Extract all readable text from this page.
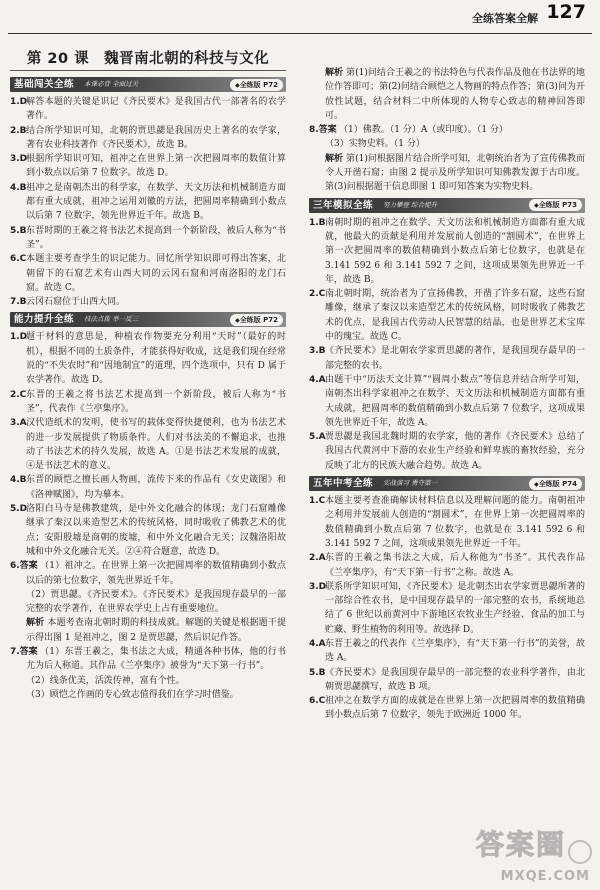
全练答案全解 127
第 20 课　魏晋南北朝的科技与文化
基础闯关全练 本课必背 全面过关	◆ 全练版 P72
1.D
解答本题的关键是识记《齐民要术》是我国古代一部著名的农学著作。
2.B 结合所学知识可知，北朝的贾思勰是我国历史上著名的农学家，著有农业科技著作《齐民要术》，故选 B。
3.D
根据所学知识可知，祖冲之在世界上第一次把圆周率的数值计算到小数点以后第 7 位数字。故选 D。
4.B 祖冲之是南朝杰出的科学家，在数学、天文历法和机械制造方面都有重大成就，祖冲之运用刘徽的方法，把圆周率精确到小数点以后第 7 位数字，领先世界近千年。故选 B。
5.B 东晋时期的王羲之将书法艺术提高到一个新阶段，被后人称为“书圣”。
6.C 本题主要考查学生的识记能力。回忆所学知识即可得出答案，北朝留下的石窟艺术有山西大同的云冈石窟和河南洛阳的龙门石窟。故选 C。
7.B 云冈石窟位于山西大同。
能力提升全练 技法点拨 举一反三	◆ 全练版 P72
1.D
题干材料的意思是，种植农作物要充分利用“天时”（最好的时机），根据不同的土质条件，才能获得好收成，这是我们现在经常说的“不失农时”和“因地制宜”的道理，四个选项中，只有 D 属于农学著作。故选 D。
2.C 东晋的王羲之将书法艺术提高到一个新阶段，被后人称为“书圣”，代表作《兰亭集序》。
3.A 汉代造纸术的发明，使书写的载体变得快捷便利，也为书法艺术的进一步发展提供了物质条件。人们对书法美的不懈追求，也推动了书法艺术的持久发展，故选 A。①是书法艺术发展的成就，④是书法艺术的意义。
4.B 东晋的顾恺之擅长画人物画，流传下来的作品有《女史箴图》和《洛神赋图》，均为摹本。
5.D
洛阳白马寺是佛教建筑，是中外文化融合的体现；龙门石窟雕像继承了秦汉以来造型艺术的传统风格，同时吸收了佛教艺术的优点；安阳殷墟是商朝的废墟，和中外文化融合无关；汉魏洛阳故城和中外文化融合无关。②④符合题意，故选 D。
6.答案 （1）祖冲之。在世界上第一次把圆周率的数值精确到小数点以后的第七位数字，领先世界近千年。
（2）贾思勰。《齐民要术》。《齐民要术》是我国现存最早的一部完整的农学著作，在世界农学史上占有重要地位。
解析 本题考查南北朝时期的科技成就。解题的关键是根据题干提示得出图 1 是祖冲之，图 2 是贾思勰，然后识记作答。
7.答案 （1）东晋王羲之，集书法之大成，精通各种书体，他的行书尤为后人称道。其作品《兰亭集序》被誉为“天下第一行书”。
（2）线条优美，活泼传神，富有个性。
（3）顾恺之作画的专心致志值得我们在学习时借鉴。
解析 第(1)问结合王羲之的书法特色与代表作品及他在书法界的地位作答即可；第(2)问结合顾恺之人物画的特点作答；第(3)问为开放性试题，结合材料二中所体现的人物专心致志的精神回答即可。
8.答案 （1）佛教。（1 分）A（或印度）。（1 分）
（3）实物史料。（1 分）
解析 第(1)问根据图片结合所学可知，北朝统治者为了宣传佛教而令人开凿石窟；由图 2 提示及所学知识可知佛教发源于古印度。第(3)问根据题干信息即图 1 即可知答案为实物史料。
三年模拟全练 努力攀登 综合提升	◆ 全练版 P73
1.B 南朝时期的祖冲之在数学、天文历法和机械制造方面都有重大成就，他最大的贡献是利用并发展前人创造的“割圆术”，在世界上第一次把圆周率的数值精确到小数点后第七位数字，也就是在 3.141 592 6 和 3.141 592 7 之间，这项成果领先世界近一千年，故选 B。
2.C 南北朝时期，统治者为了宣扬佛教，开凿了许多石窟，这些石窟雕像，继承了秦汉以来造型艺术的传统风格，同时吸收了佛教艺术的优点，是我国古代劳动人民智慧的结晶，也是世界艺术宝库中的瑰宝。故选 C。
3.B 《齐民要术》是北朝农学家贾思勰的著作，是我国现存最早的一部完整的农书。
4.A 由题干中“历法天文计算”“圆周小数点”等信息并结合所学可知，南朝杰出科学家祖冲之在数学、天文历法和机械制造方面都有重大成就，把圆周率的数值精确到小数点后第 7 位数字，这项成果领先世界近千年，故选 A。
5.A 贾思勰是我国北魏时期的农学家，他的著作《齐民要术》总结了我国古代黄河中下游的农业生产经验和鲜卑族的畜牧经验，充分反映了北方的民族大融合趋势。故选 A。
五年中考全练 实战演习 勇夺第一	◆ 全练版 P74
1.C 本题主要考查准确解读材料信息以及理解问题的能力。南朝祖冲之利用并发展前人创造的“割圆术”，在世界上第一次把圆周率的数值精确到小数点后第 7 位数字，也就是在 3.141 592 6 和 3.141 592 7 之间，这项成果领先世界近一千年。
2.A 东晋的王羲之集书法之大成，后人称他为“书圣”。其代表作品《兰亭集序》，有“天下第一行书”之称。故选 A。
3.D
联系所学知识可知，《齐民要术》是北朝杰出农学家贾思勰所著的一部综合性农书，是中国现存最早的一部完整的农书，系统地总结了 6 世纪以前黄河中下游地区农牧业生产经验、食品的加工与贮藏、野生植物的利用等。故选择 D。
4.A 东晋王羲之的代表作《兰亭集序》，有“天下第一行书”的美誉，故选 A。
5.B 《齐民要术》是我国现存最早的一部完整的农业科学著作，由北朝贾思勰撰写，故选 B 项。
6.C 祖冲之在数学方面的成就是在世界上第一次把圆周率的数值精确到小数点后第 7 位数字，领先于欧洲近 1000 年。
答案圈
MXQE.COM
